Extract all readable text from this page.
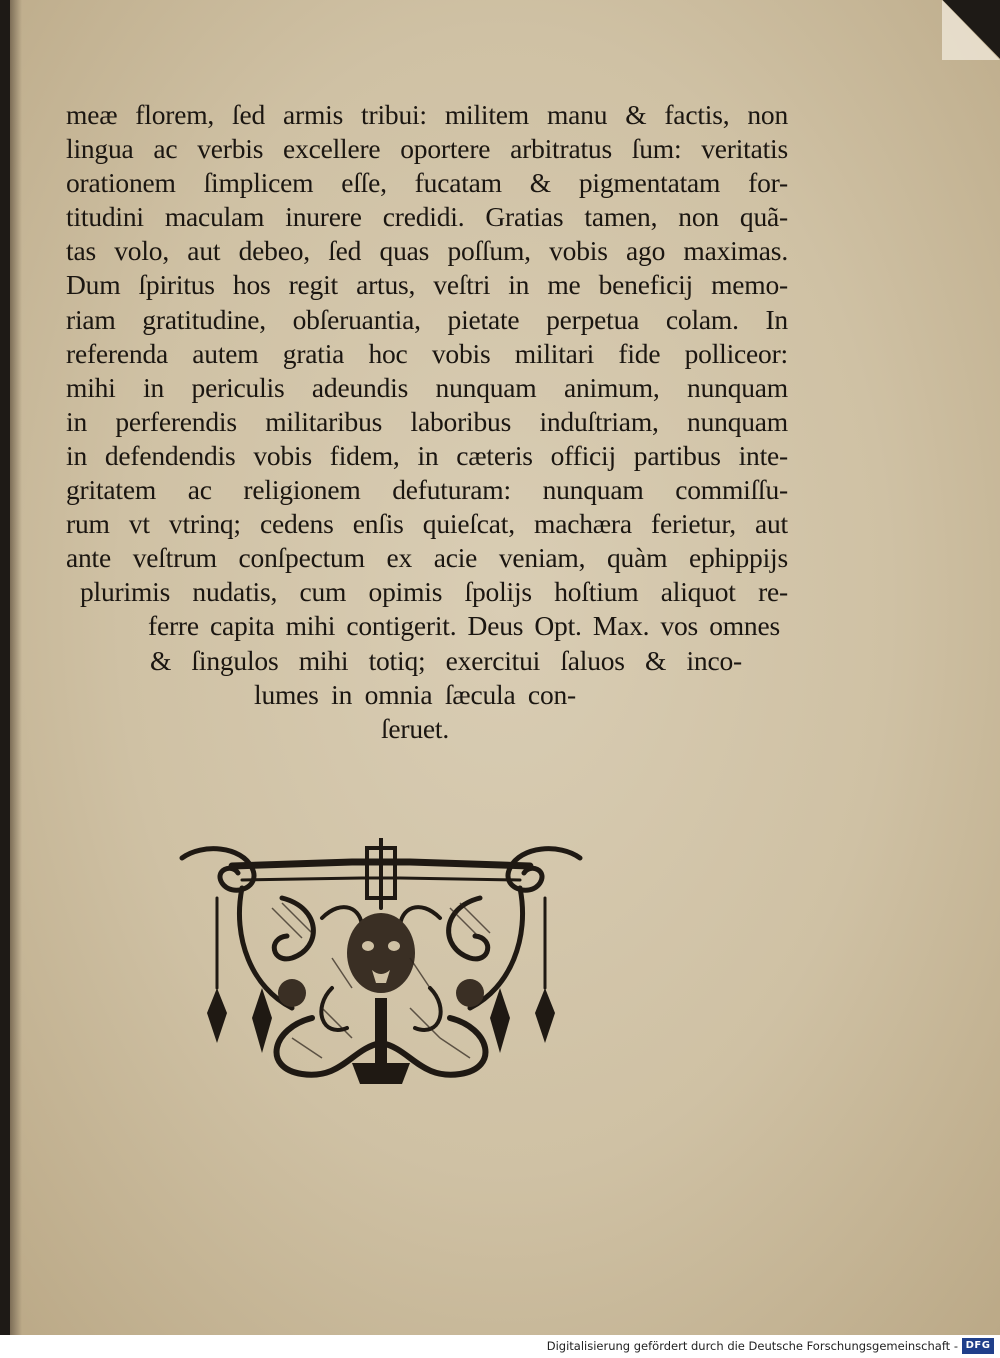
meæ florem, ſed armis tribui: militem manu & factis, non
lingua ac verbis excellere oportere arbitratus ſum: veritatis
orationem ſimplicem eſſe, fucatam & pigmentatam for-
titudini maculam inurere credidi. Gratias tamen, non quã-
tas volo, aut debeo, ſed quas poſſum, vobis ago maximas.
Dum ſpiritus hos regit artus, veſtri in me beneficij memo-
riam gratitudine, obſeruantia, pietate perpetua colam. In
referenda autem gratia hoc vobis militari fide polliceor:
mihi in periculis adeundis nunquam animum, nunquam
in perferendis militaribus laboribus induſtriam, nunquam
in defendendis vobis fidem, in cæteris officij partibus inte-
gritatem ac religionem defuturam: nunquam commiſſu-
rum vt vtrinq; cedens enſis quieſcat, machæra ferietur, aut
ante veſtrum conſpectum ex acie veniam, quàm ephippijs
plurimis nudatis, cum opimis ſpolijs hoſtium aliquot re-
ferre capita mihi contigerit. Deus Opt. Max. vos omnes
& ſingulos mihi totiq; exercitui ſaluos & inco-
lumes in omnia ſæcula con-
ſeruet.
Digitalisierung gefördert durch die Deutsche Forschungsgemeinschaft - DFG
